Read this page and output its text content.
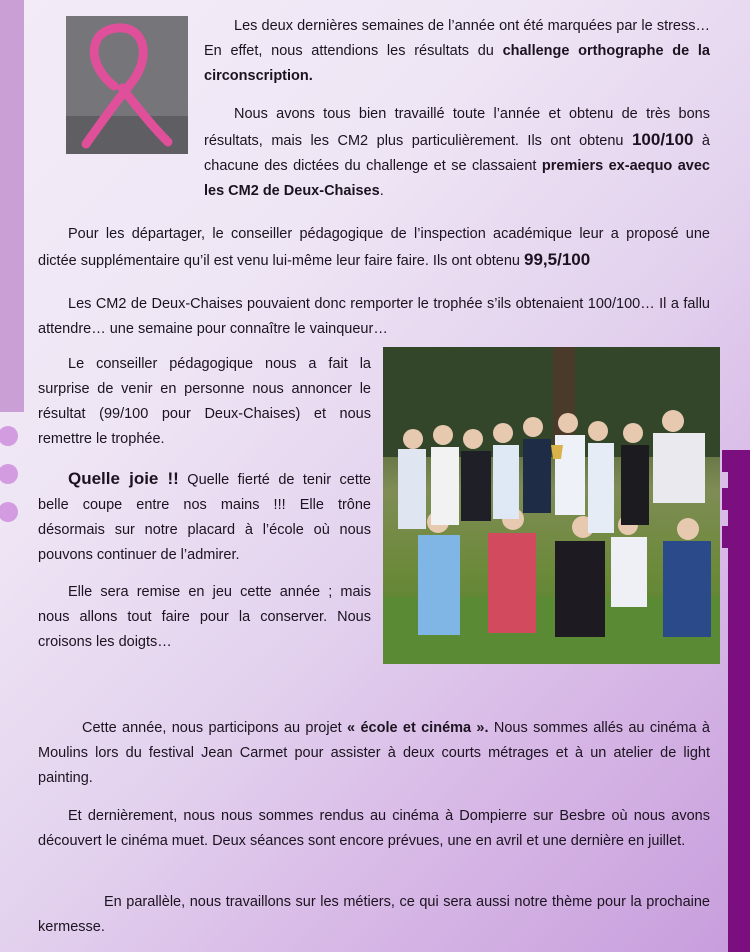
Les deux dernières semaines de l’année ont été marquées par le stress… En effet, nous attendions les résultats du challenge orthographe de la circonscription.

Nous avons tous bien travaillé toute l’année et obtenu de très bons résultats, mais les CM2 plus particulièrement. Ils ont obtenu 100/100 à chacune des dictées du challenge et se classaient premiers ex-aequo avec les CM2 de Deux-Chaises.

Pour les départager, le conseiller pédagogique de l’inspection académique leur a proposé une dictée supplémentaire qu’il est venu lui-même leur faire faire. Ils ont obtenu 99,5/100

Les CM2 de Deux-Chaises pouvaient donc remporter le trophée s’ils obtenaient 100/100… Il a fallu attendre… une semaine pour connaître le vainqueur…

Le conseiller pédagogique nous a fait la surprise de venir en personne nous annoncer le résultat (99/100 pour Deux-Chaises) et nous remettre le trophée.

Quelle joie !! Quelle fierté de tenir cette belle coupe entre nos mains !!! Elle trône désormais sur notre placard à l’école où nous pouvons continuer de l’admirer.

Elle sera remise en jeu cette année ; mais nous allons tout faire pour la conserver. Nous croisons les doigts…

Cette année, nous participons au projet « école et cinéma ». Nous sommes allés au cinéma à Moulins lors du festival Jean Carmet pour assister à deux courts métrages et à un atelier de light painting.

Et dernièrement, nous nous sommes rendus au cinéma à Dompierre sur Besbre où nous avons découvert le cinéma muet. Deux séances sont encore prévues, une en avril et une dernière en juillet.

En parallèle, nous travaillons sur les métiers, ce qui sera aussi notre thème pour la prochaine kermesse.
